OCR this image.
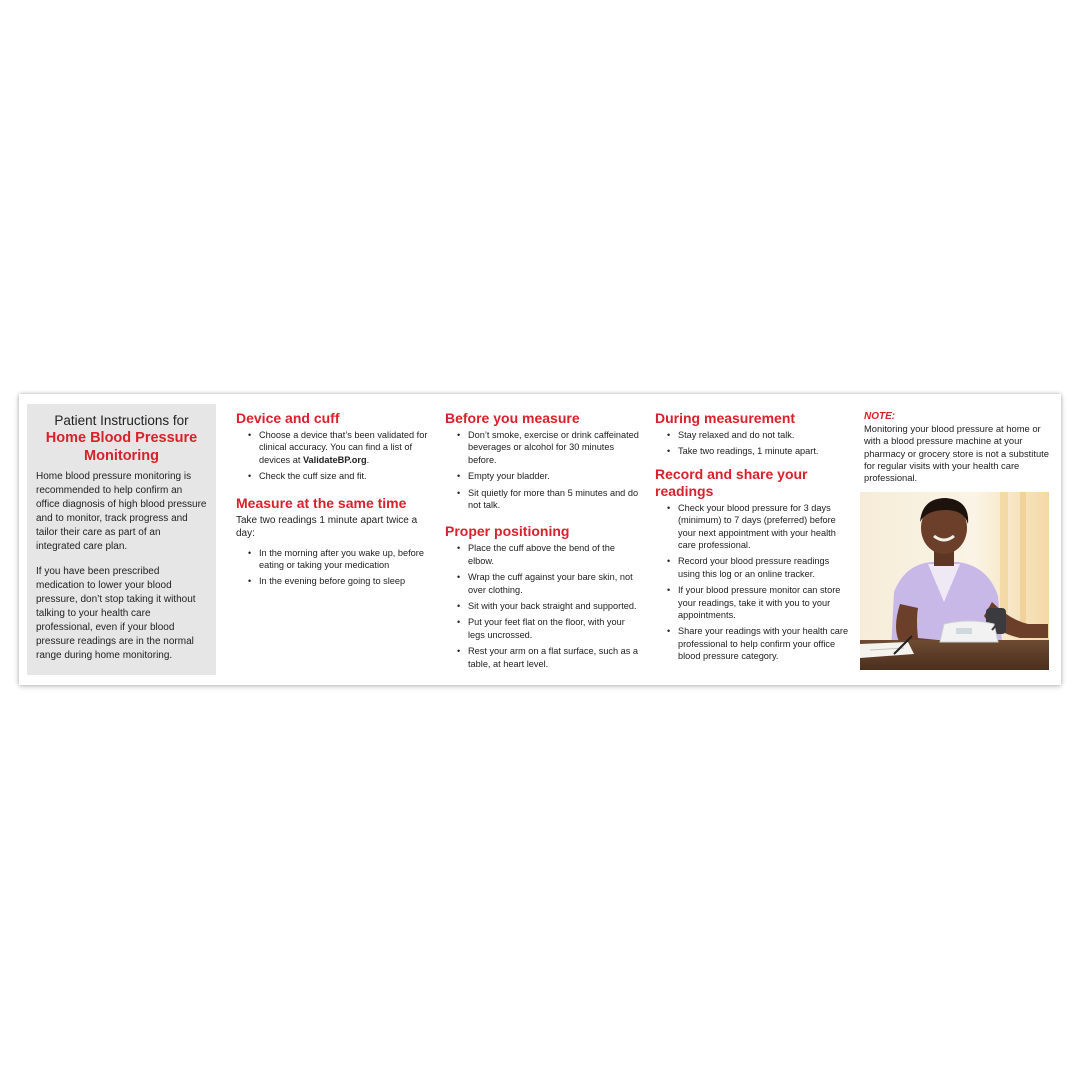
Patient Instructions for
Home Blood Pressure Monitoring

Home blood pressure monitoring is recommended to help confirm an office diagnosis of high blood pressure and to monitor, track progress and tailor their care as part of an integrated care plan.

If you have been prescribed medication to lower your blood pressure, don’t stop taking it without talking to your health care professional, even if your blood pressure readings are in the normal range during home monitoring.

Device and cuff
• Choose a device that’s been validated for clinical accuracy. You can find a list of devices at ValidateBP.org.
• Check the cuff size and fit.
Measure at the same time
Take two readings 1 minute apart twice a day:
• In the morning after you wake up, before eating or taking your medication
• In the evening before going to sleep
Before you measure
• Don’t smoke, exercise or drink caffeinated beverages or alcohol for 30 minutes before.
• Empty your bladder.
• Sit quietly for more than 5 minutes and do not talk.
Proper positioning
• Place the cuff above the bend of the elbow.
• Wrap the cuff against your bare skin, not over clothing.
• Sit with your back straight and supported.
• Put your feet flat on the floor, with your legs uncrossed.
• Rest your arm on a flat surface, such as a table, at heart level.
During measurement
• Stay relaxed and do not talk.
• Take two readings, 1 minute apart.
Record and share your readings
• Check your blood pressure for 3 days (minimum) to 7 days (preferred) before your next appointment with your health care professional.
• Record your blood pressure readings using this log or an online tracker.
• If your blood pressure monitor can store your readings, take it with you to your appointments.
• Share your readings with your health care professional to help confirm your office blood pressure category.
NOTE:
Monitoring your blood pressure at home or with a blood pressure machine at your pharmacy or grocery store is not a substitute for regular visits with your health care professional.
